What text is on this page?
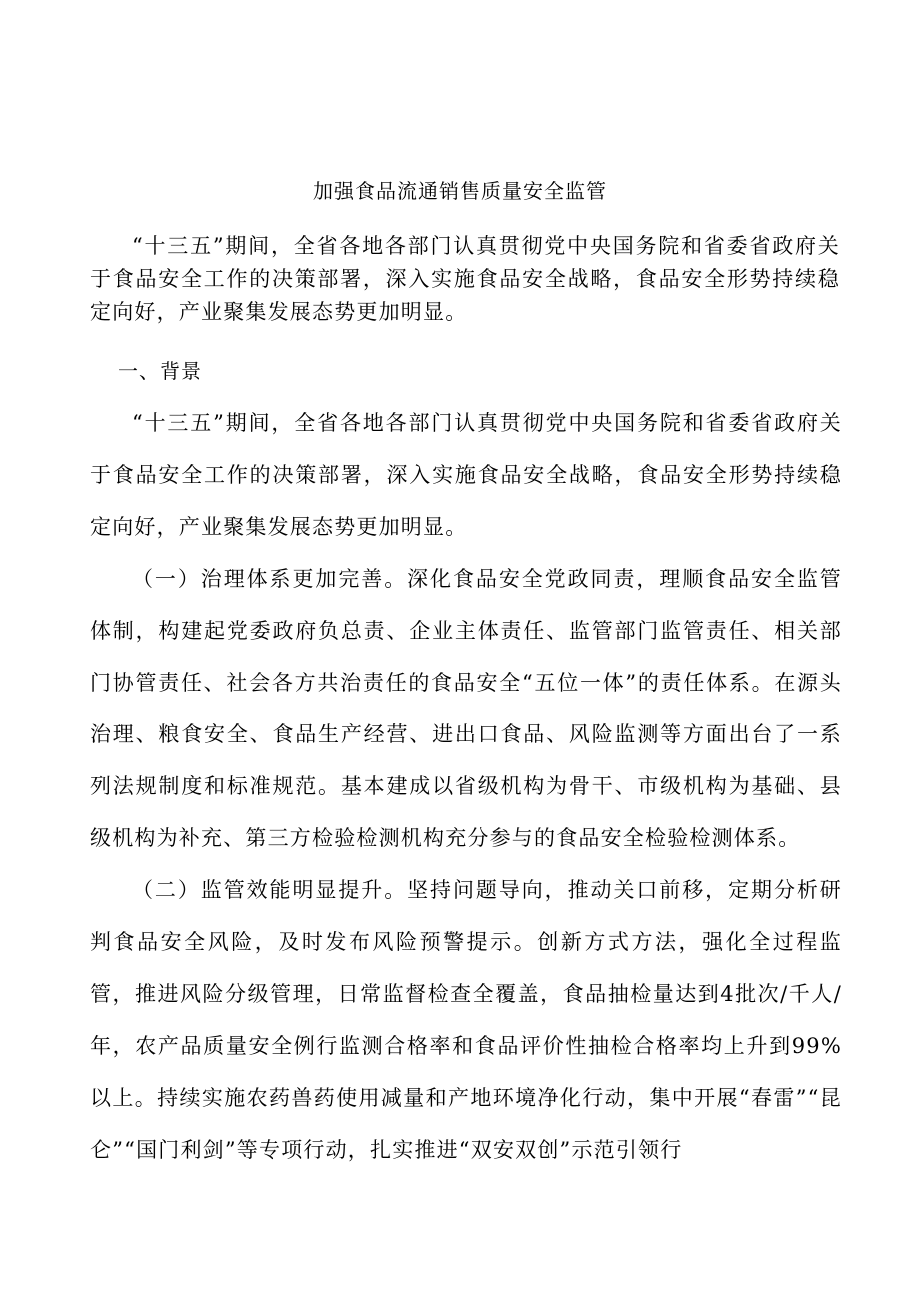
加强食品流通销售质量安全监管

“十三五”期间，全省各地各部门认真贯彻党中央国务院和省委省政府关于食品安全工作的决策部署，深入实施食品安全战略，食品安全形势持续稳定向好，产业聚集发展态势更加明显。

一、背景

“十三五”期间，全省各地各部门认真贯彻党中央国务院和省委省政府关于食品安全工作的决策部署，深入实施食品安全战略，食品安全形势持续稳定向好，产业聚集发展态势更加明显。

（一）治理体系更加完善。深化食品安全党政同责，理顺食品安全监管体制，构建起党委政府负总责、企业主体责任、监管部门监管责任、相关部门协管责任、社会各方共治责任的食品安全“五位一体”的责任体系。在源头治理、粮食安全、食品生产经营、进出口食品、风险监测等方面出台了一系列法规制度和标准规范。基本建成以省级机构为骨干、市级机构为基础、县级机构为补充、第三方检验检测机构充分参与的食品安全检验检测体系。

（二）监管效能明显提升。坚持问题导向，推动关口前移，定期分析研判食品安全风险，及时发布风险预警提示。创新方式方法，强化全过程监管，推进风险分级管理，日常监督检查全覆盖，食品抽检量达到4批次/千人/年，农产品质量安全例行监测合格率和食品评价性抽检合格率均上升到99%以上。持续实施农药兽药使用减量和产地环境净化行动，集中开展“春雷”“昆仑”“国门利剑”等专项行动，扎实推进“双安双创”示范引领行
